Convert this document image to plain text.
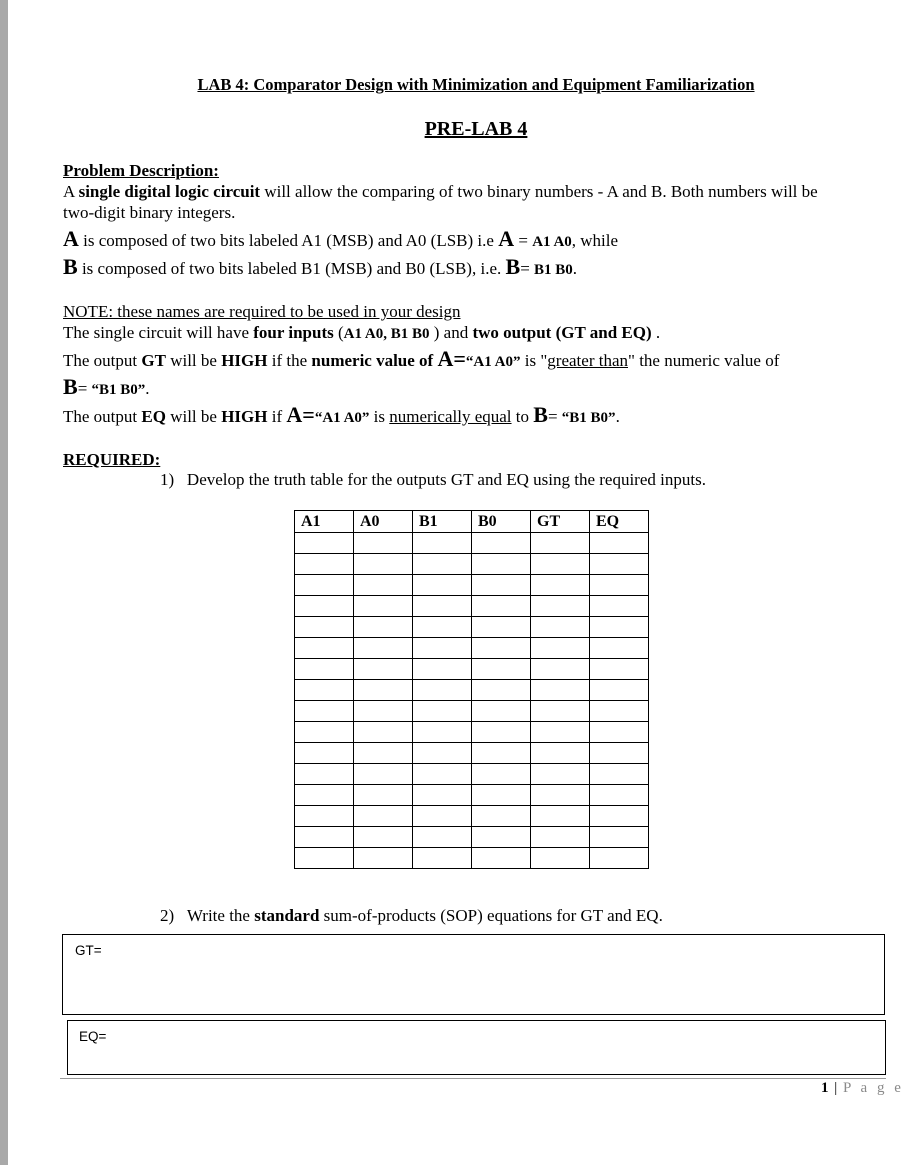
LAB 4: Comparator Design with Minimization and Equipment Familiarization
PRE-LAB 4
Problem Description:
A single digital logic circuit will allow the comparing of two binary numbers - A and B. Both numbers will be
two-digit binary integers.
A is composed of two bits labeled A1 (MSB) and A0 (LSB) i.e A = A1 A0, while
B is composed of two bits labeled B1 (MSB) and B0 (LSB), i.e. B= B1 B0.
NOTE: these names are required to be used in your design
The single circuit will have four inputs (A1 A0, B1 B0 ) and two output (GT and EQ) .
The output GT will be HIGH if the numeric value of A=“A1 A0” is "greater than" the numeric value of
B= “B1 B0”.
The output EQ will be HIGH if A=“A1 A0” is numerically equal to B= “B1 B0”.
REQUIRED:
1) Develop the truth table for the outputs GT and EQ using the required inputs.
A1	A0	B1	B0	GT	EQ

2) Write the standard sum-of-products (SOP) equations for GT and EQ.
GT=
EQ=
1 | P a g e
